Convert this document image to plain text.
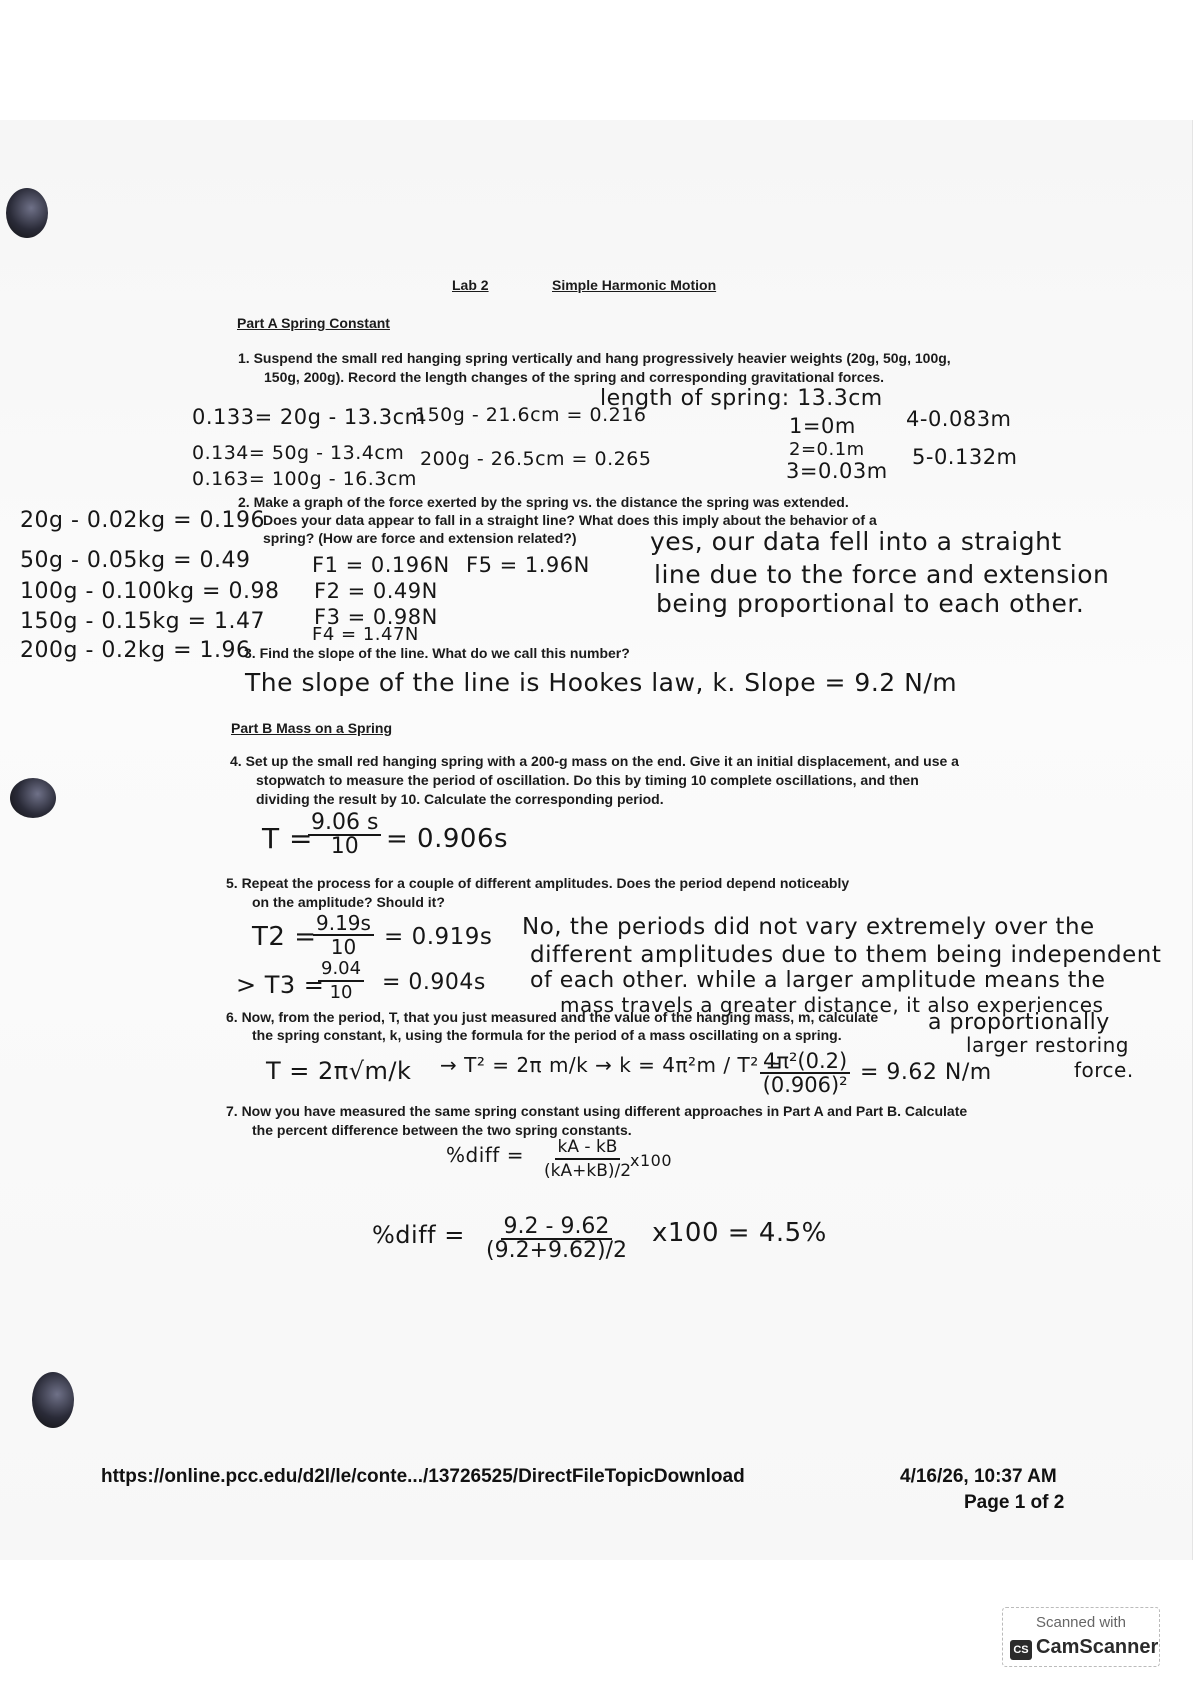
Lab 2	Simple Harmonic Motion
Part A Spring Constant
1. Suspend the small red hanging spring vertically and hang progressively heavier weights (20g, 50g, 100g, 150g, 200g). Record the length changes of the spring and corresponding gravitational forces.
0.133= 20g - 13.3cm
0.134= 50g - 13.4cm
0.163= 100g - 16.3cm
150g - 21.6cm = 0.216
200g - 26.5cm = 0.265
length of spring: 13.3cm
1=0m
2=0.1m
3=0.03m
4-0.083m
5-0.132m
2. Make a graph of the force exerted by the spring vs. the distance the spring was extended.
Does your data appear to fall in a straight line? What does this imply about the behavior of a
spring? (How are force and extension related?)
20g - 0.02kg = 0.196
50g - 0.05kg = 0.49
100g - 0.100kg = 0.98
150g - 0.15kg = 1.47
200g - 0.2kg = 1.96
F1 = 0.196N F5 = 1.96N
F2 = 0.49N
F3 = 0.98N
F4 = 1.47N
yes, our data fell into a straight
line due to the force and extension
being proportional to each other.
3. Find the slope of the line. What do we call this number?
The slope of the line is Hookes law, k. Slope = 9.2 N/m
Part B Mass on a Spring
4. Set up the small red hanging spring with a 200-g mass on the end. Give it an initial displacement, and use a stopwatch to measure the period of oscillation. Do this by timing 10 complete oscillations, and then dividing the result by 10. Calculate the corresponding period.
T =
$\frac{9.06 s}{10} = 0.906s$
5. Repeat the process for a couple of different amplitudes. Does the period depend noticeably on the amplitude? Should it?
T2 =
$\frac{9.19s}{10} = 0.919s$
> T3 =
$\frac{9.04}{10} = 0.904s$
No, the periods did not vary extremely over the
different amplitudes due to them being independent
of each other. while a larger amplitude means the
mass travels a greater distance, it also experiences
a proportionally
larger restoring
force.
6. Now, from the period, T, that you just measured and the value of the hanging mass, m, calculate
the spring constant, k, using the formula for the period of a mass oscillating on a spring.
T = 2π√m/k → T² = 2π m/k → k = 4π²m / T² =
$\frac{\text{4π²(0.2)}}{\text{(0.906)²}} = 9.62$ N/m
7. Now you have measured the same spring constant using different approaches in Part A and Part B. Calculate the percent difference between the two spring constants.
%diff = $\frac{kA - kB}{(kA+kB)/2}$
x100
%diff = $\frac{9.2 - 9.62}{(9.2+9.62)/2} x100 = 4.5\%$
https://online.pcc.edu/d2l/le/conte.../13726525/DirectFileTopicDownload	4/16/26, 10:37 AM
Page 1 of 2
Scanned with
CS CamScanner
